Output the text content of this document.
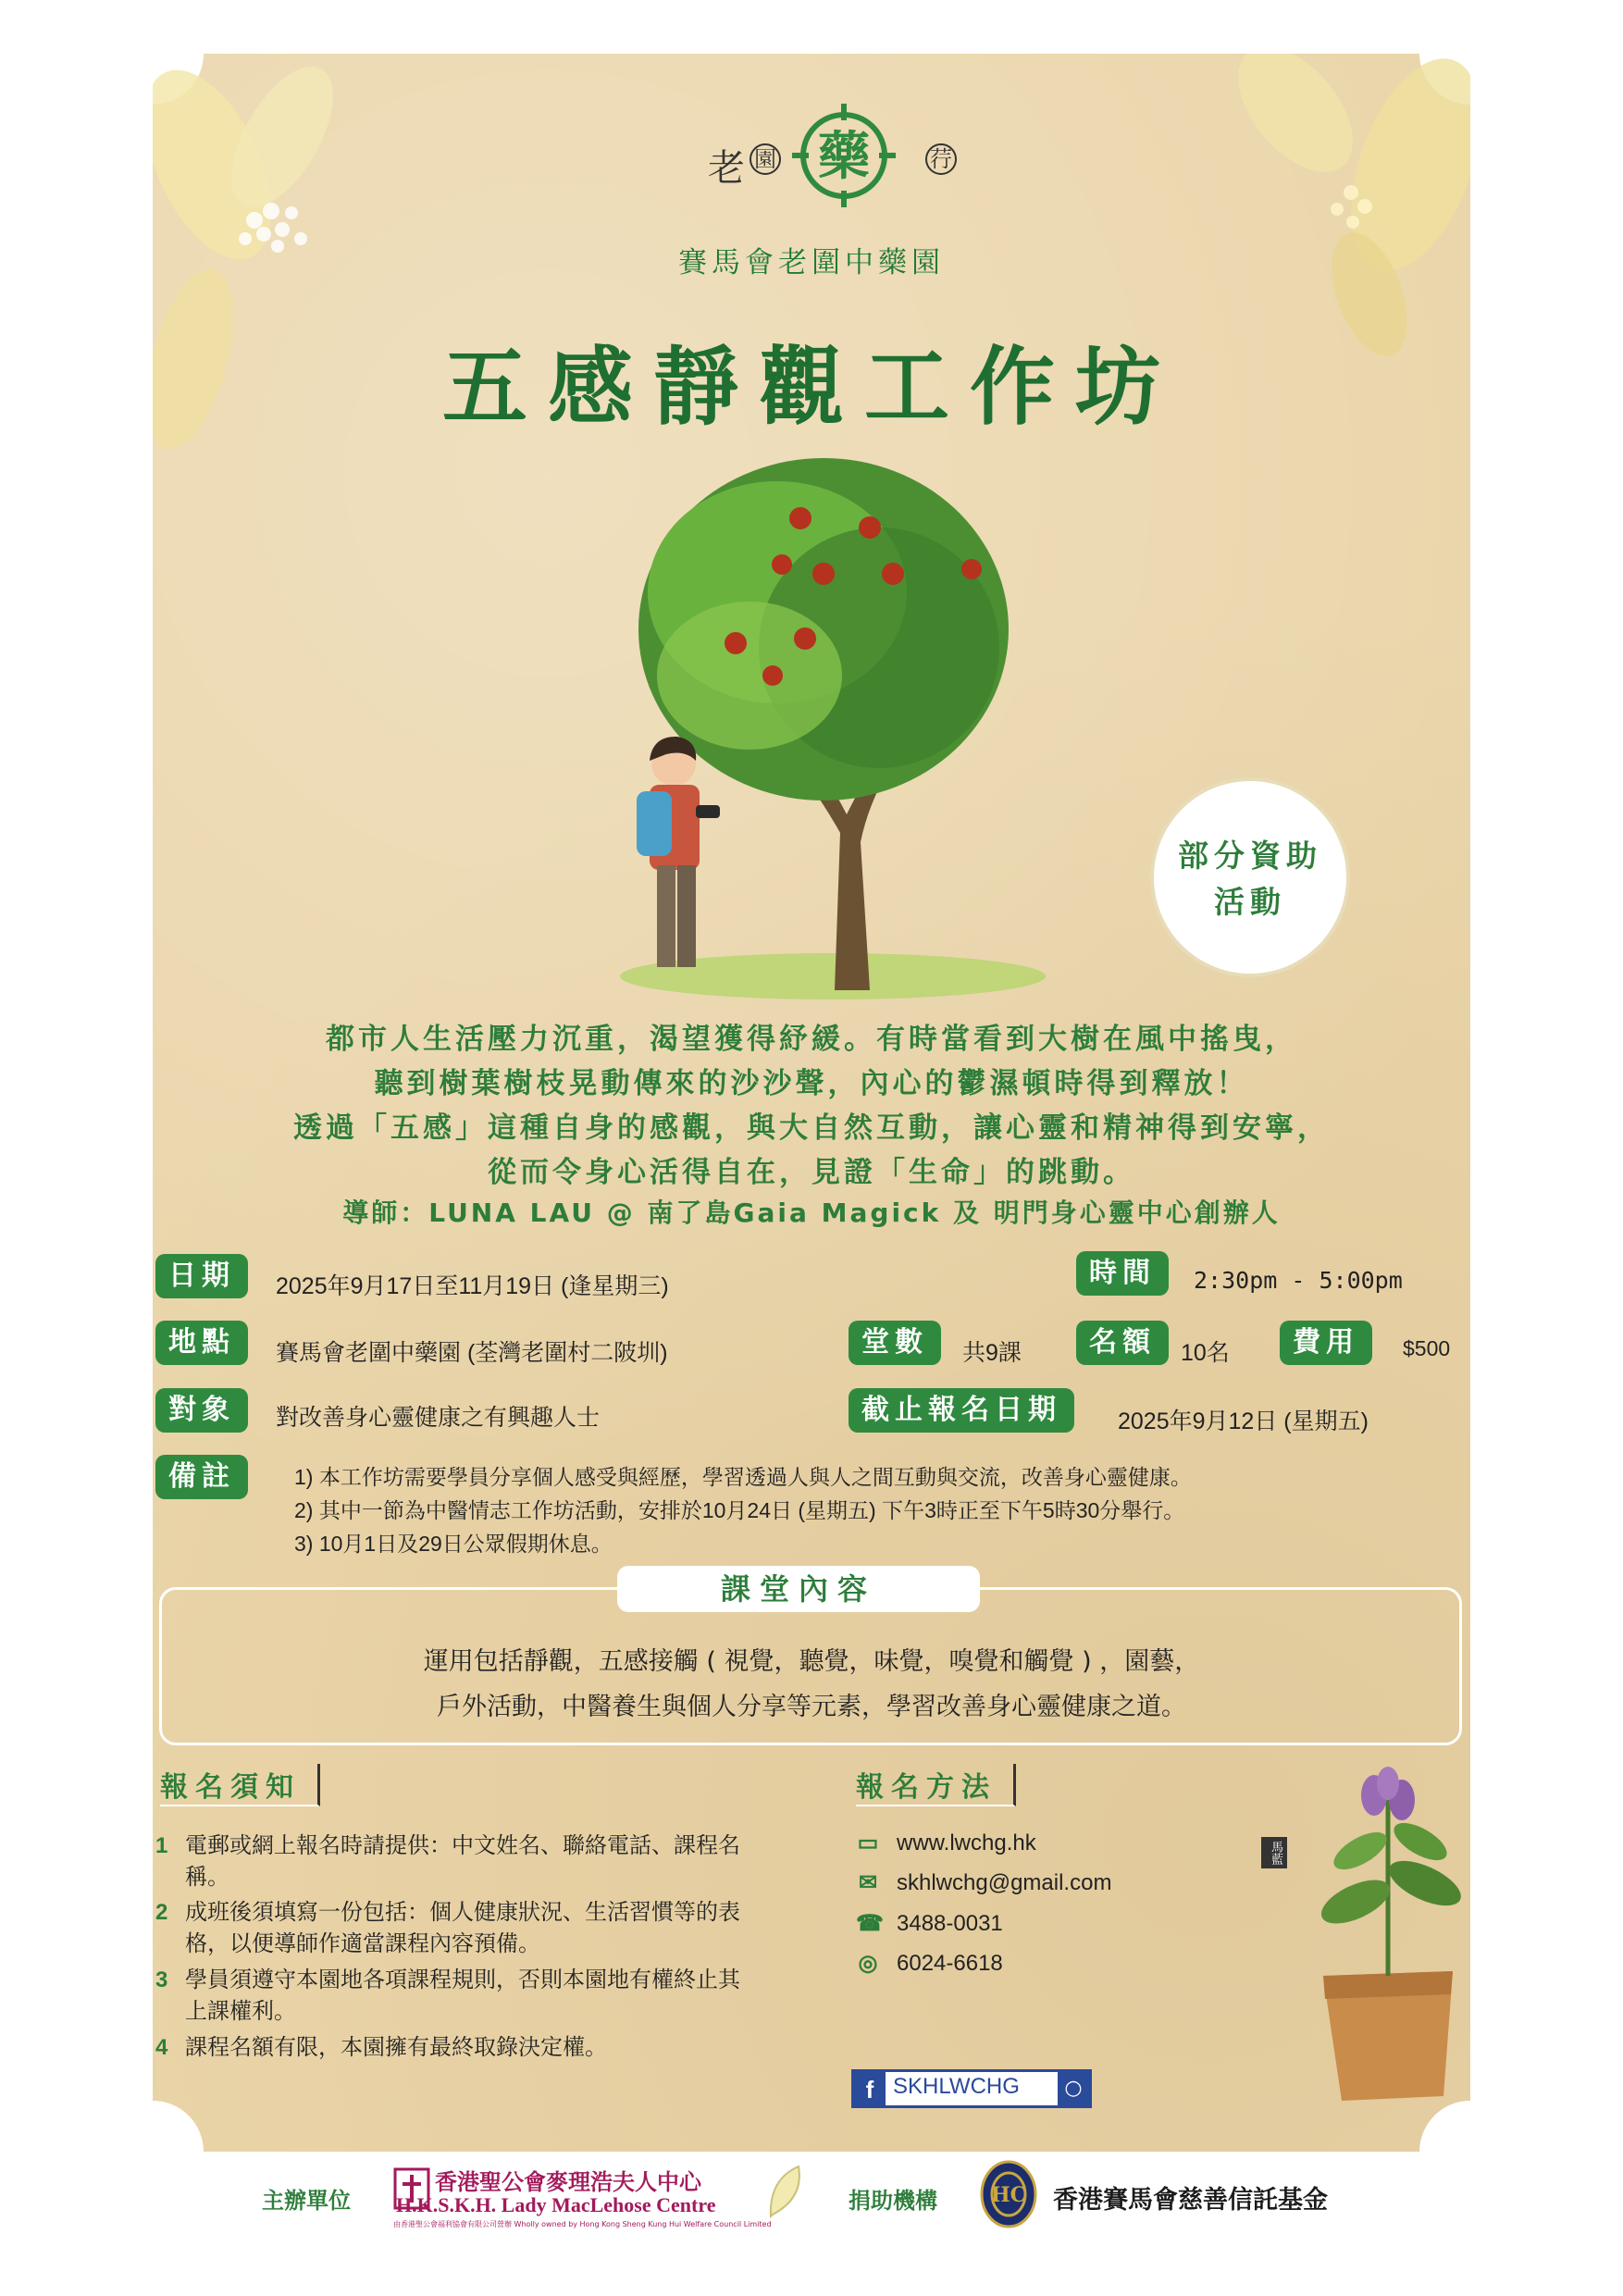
老 園 藥	荇
賽馬會老圍中藥園
五感靜觀工作坊
部分資助
活動
都市人生活壓力沉重，渴望獲得紓緩。有時當看到大樹在風中搖曳，
聽到樹葉樹枝晃動傳來的沙沙聲，內心的鬱濕頓時得到釋放！
透過「五感」這種自身的感觀，與大自然互動，讓心靈和精神得到安寧，
從而令身心活得自在，見證「生命」的跳動。
導師：LUNA LAU @ 南了島Gaia Magick 及 明門身心靈中心創辦人
日期	2025年9月17日至11月19日 (逢星期三)	時間	2:30pm - 5:00pm
地點	賽馬會老圍中藥園 (荃灣老圍村二陂圳)	堂數	共9課	名額	10名	費用	$500
對象	對改善身心靈健康之有興趣人士	截止報名日期	2025年9月12日 (星期五)
備註	1) 本工作坊需要學員分享個人感受與經歷，學習透過人與人之間互動與交流，改善身心靈健康。
2) 其中一節為中醫情志工作坊活動，安排於10月24日 (星期五) 下午3時正至下午5時30分舉行。
3) 10月1日及29日公眾假期休息。
課堂內容
運用包括靜觀，五感接觸 ( 視覺，聽覺，味覺，嗅覺和觸覺 ) ，園藝，
戶外活動，中醫養生與個人分享等元素，學習改善身心靈健康之道。
報名須知
1 電郵或網上報名時請提供：中文姓名、聯絡電話、課程名稱。
2 成班後須填寫一份包括：個人健康狀況、生活習慣等的表格，以便導師作適當課程內容預備。
3 學員須遵守本園地各項課程規則，否則本園地有權終止其上課權利。
4 課程名額有限，本園擁有最終取錄決定權。
報名方法
▭ www.lwchg.hk
✉ skhlwchg@gmail.com
☎ 3488-0031
◎ 6024-6618
f SKHLWCHG	○
馬藍
主辦單位
香港聖公會麥理浩夫人中心
H.K.S.K.H. Lady MacLehose Centre
由香港聖公會福利協會有限公司營辦 Wholly owned by Hong Kong Sheng Kung Hui Welfare Council Limited
捐助機構	HC 香港賽馬會慈善信託基金
